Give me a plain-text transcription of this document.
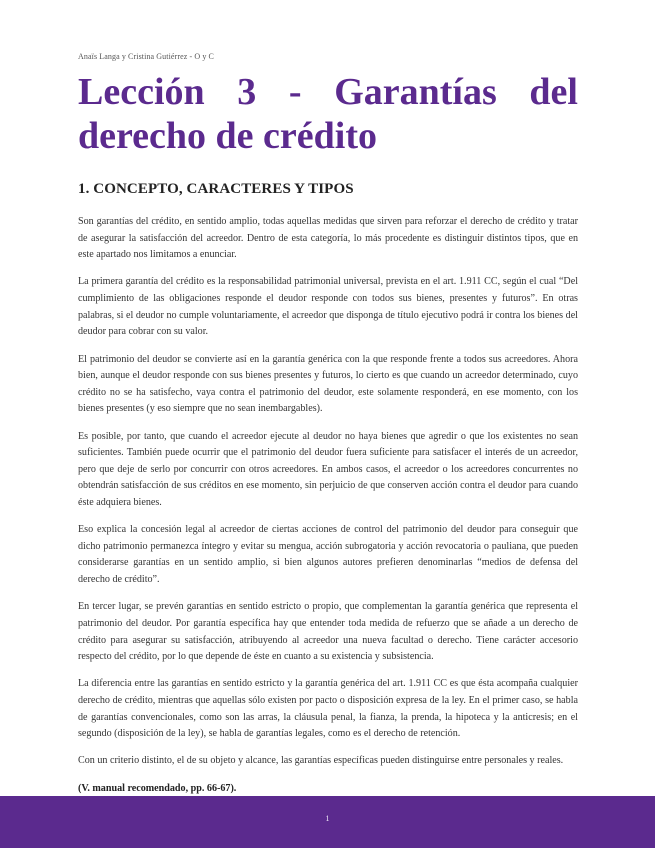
Anaïs Langa y Cristina Gutiérrez - O y C
Lección 3 - Garantías del
derecho de crédito
1. CONCEPTO, CARACTERES Y TIPOS

Son garantías del crédito, en sentido amplio, todas aquellas medidas que sirven para reforzar el derecho de crédito y tratar de asegurar la satisfacción del acreedor. Dentro de esta categoría, lo más procedente es distinguir distintos tipos, que en este apartado nos limitamos a enunciar.

La primera garantía del crédito es la responsabilidad patrimonial universal, prevista en el art. 1.911 CC, según el cual “Del cumplimiento de las obligaciones responde el deudor responde con todos sus bienes, presentes y futuros”. En otras palabras, si el deudor no cumple voluntariamente, el acreedor que disponga de título ejecutivo podrá ir contra los bienes del deudor para cobrar con su valor.

El patrimonio del deudor se convierte así en la garantía genérica con la que responde frente a todos sus acreedores. Ahora bien, aunque el deudor responde con sus bienes presentes y futuros, lo cierto es que cuando un acreedor determinado, cuyo crédito no se ha satisfecho, vaya contra el patrimonio del deudor, este solamente responderá, en ese momento, con los bienes presentes (y eso siempre que no sean inembargables).

Es posible, por tanto, que cuando el acreedor ejecute al deudor no haya bienes que agredir o que los existentes no sean suficientes. También puede ocurrir que el patrimonio del deudor fuera suficiente para satisfacer el interés de un acreedor, pero que deje de serlo por concurrir con otros acreedores. En ambos casos, el acreedor o los acreedores concurrentes no obtendrán satisfacción de sus créditos en ese momento, sin perjuicio de que conserven acción contra el deudor para cuando éste adquiera bienes.

Eso explica la concesión legal al acreedor de ciertas acciones de control del patrimonio del deudor para conseguir que dicho patrimonio permanezca íntegro y evitar su mengua, acción subrogatoria y acción revocatoria o pauliana, que pueden considerarse garantías en un sentido amplio, si bien algunos autores prefieren denominarlas “medios de defensa del derecho de crédito”.

En tercer lugar, se prevén garantías en sentido estricto o propio, que complementan la garantía genérica que representa el patrimonio del deudor. Por garantía específica hay que entender toda medida de refuerzo que se añade a un derecho de crédito para asegurar su satisfacción, atribuyendo al acreedor una nueva facultad o derecho. Tiene carácter accesorio respecto del crédito, por lo que depende de éste en cuanto a su existencia y subsistencia.

La diferencia entre las garantías en sentido estricto y la garantía genérica del art. 1.911 CC es que ésta acompaña cualquier derecho de crédito, mientras que aquellas sólo existen por pacto o disposición expresa de la ley. En el primer caso, se habla de garantías convencionales, como son las arras, la cláusula penal, la fianza, la prenda, la hipoteca y la anticresis; en el segundo (disposición de la ley), se habla de garantías legales, como es el derecho de retención.

Con un criterio distinto, el de su objeto y alcance, las garantías específicas pueden distinguirse entre personales y reales.

(V. manual recomendado, pp. 66-67).

1
